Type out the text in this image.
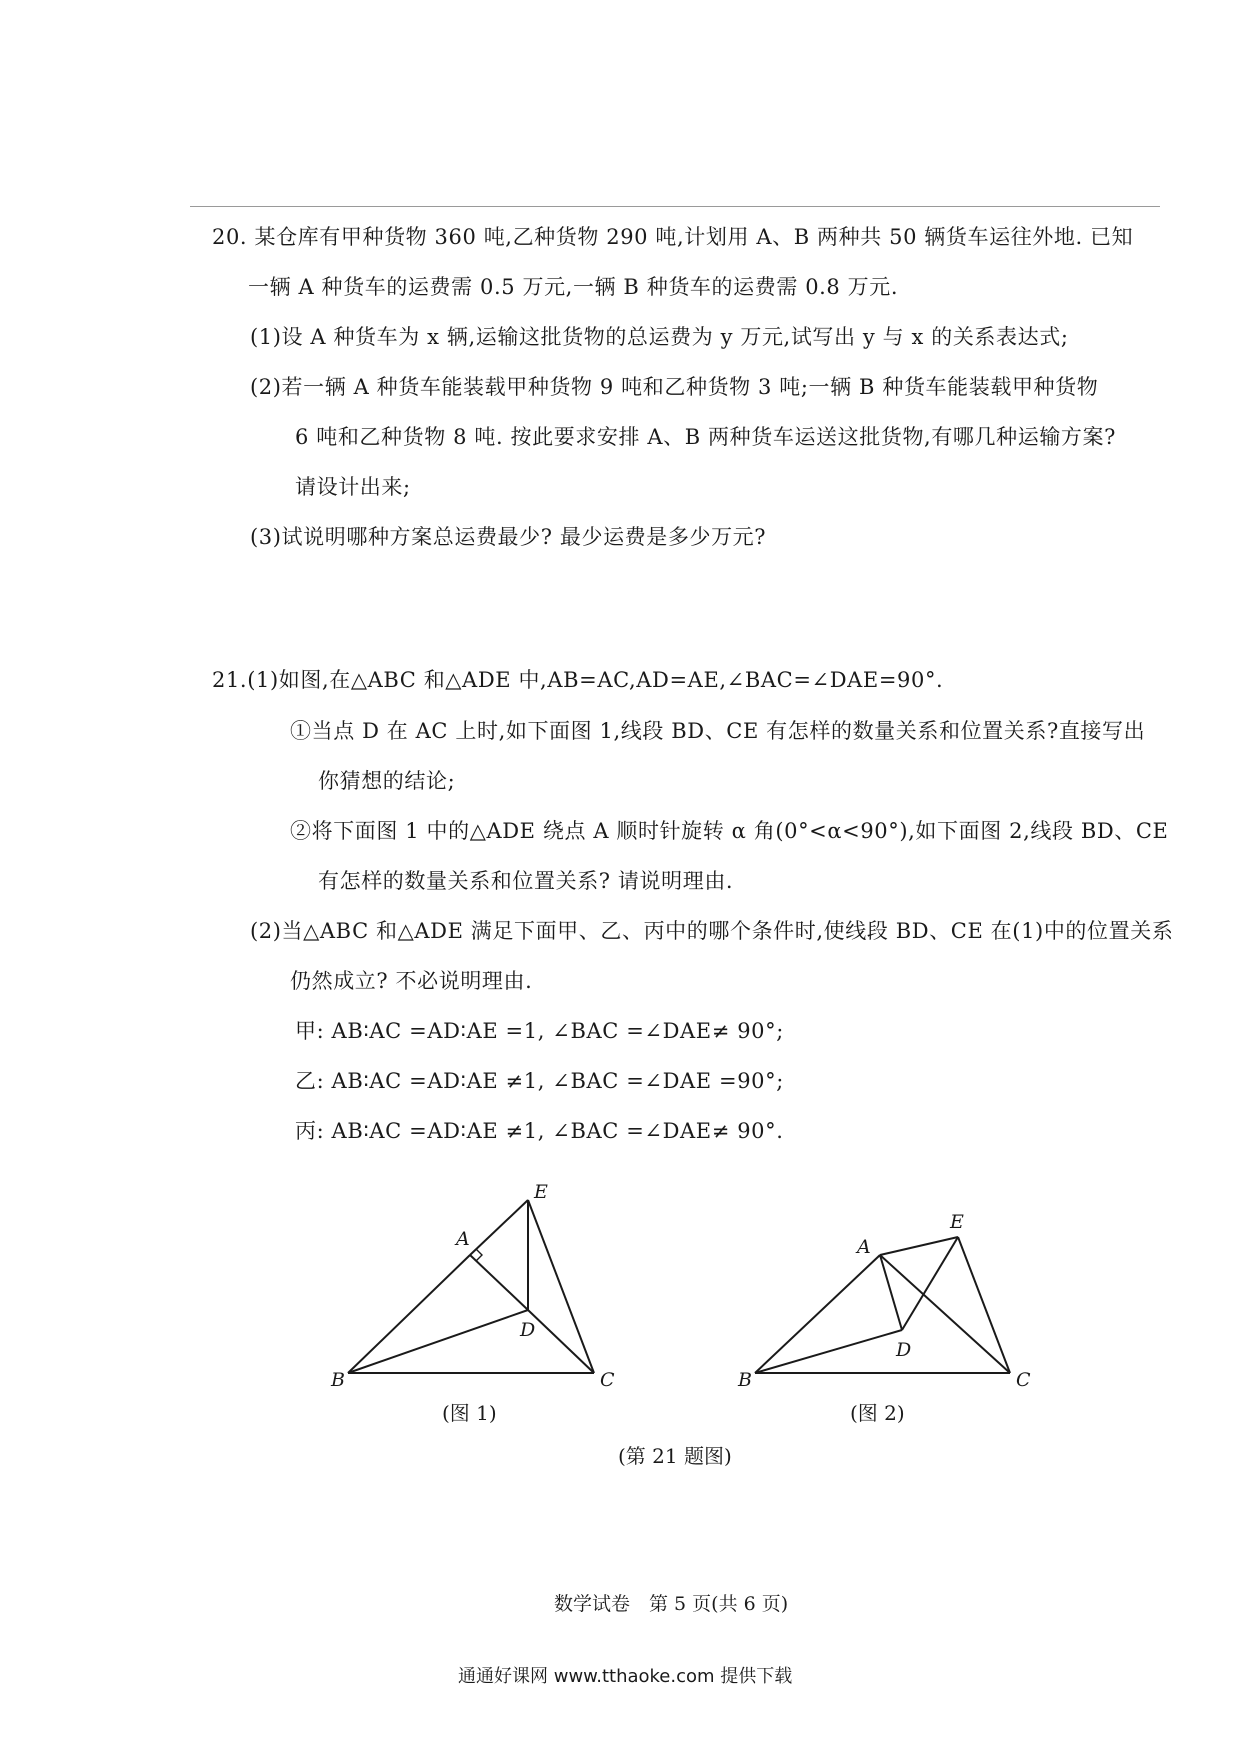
20. 某仓库有甲种货物 360 吨,乙种货物 290 吨,计划用 A、B 两种共 50 辆货车运往外地. 已知
一辆 A 种货车的运费需 0.5 万元,一辆 B 种货车的运费需 0.8 万元.
(1)设 A 种货车为 x 辆,运输这批货物的总运费为 y 万元,试写出 y 与 x 的关系表达式;
(2)若一辆 A 种货车能装载甲种货物 9 吨和乙种货物 3 吨;一辆 B 种货车能装载甲种货物
6 吨和乙种货物 8 吨. 按此要求安排 A、B 两种货车运送这批货物,有哪几种运输方案?
请设计出来;
(3)试说明哪种方案总运费最少? 最少运费是多少万元?
21.(1)如图,在△ABC 和△ADE 中,AB=AC,AD=AE,∠BAC=∠DAE=90°.
①当点 D 在 AC 上时,如下面图 1,线段 BD、CE 有怎样的数量关系和位置关系?直接写出
你猜想的结论;
②将下面图 1 中的△ADE 绕点 A 顺时针旋转 α 角(0°<α<90°),如下面图 2,线段 BD、CE
有怎样的数量关系和位置关系? 请说明理由.
(2)当△ABC 和△ADE 满足下面甲、乙、丙中的哪个条件时,使线段 BD、CE 在(1)中的位置关系
仍然成立? 不必说明理由.
甲: AB∶AC =AD∶AE =1, ∠BAC =∠DAE≠ 90°;
乙: AB∶AC =AD∶AE ≠1, ∠BAC =∠DAE =90°;
丙: AB∶AC =AD∶AE ≠1, ∠BAC =∠DAE≠ 90°.
A
B	C
D
E
A
B	C
D
E
(图 1)	(图 2)
(第 21 题图)
数学试卷　第 5 页(共 6 页)
通通好课网 www.tthaoke.com 提供下载
